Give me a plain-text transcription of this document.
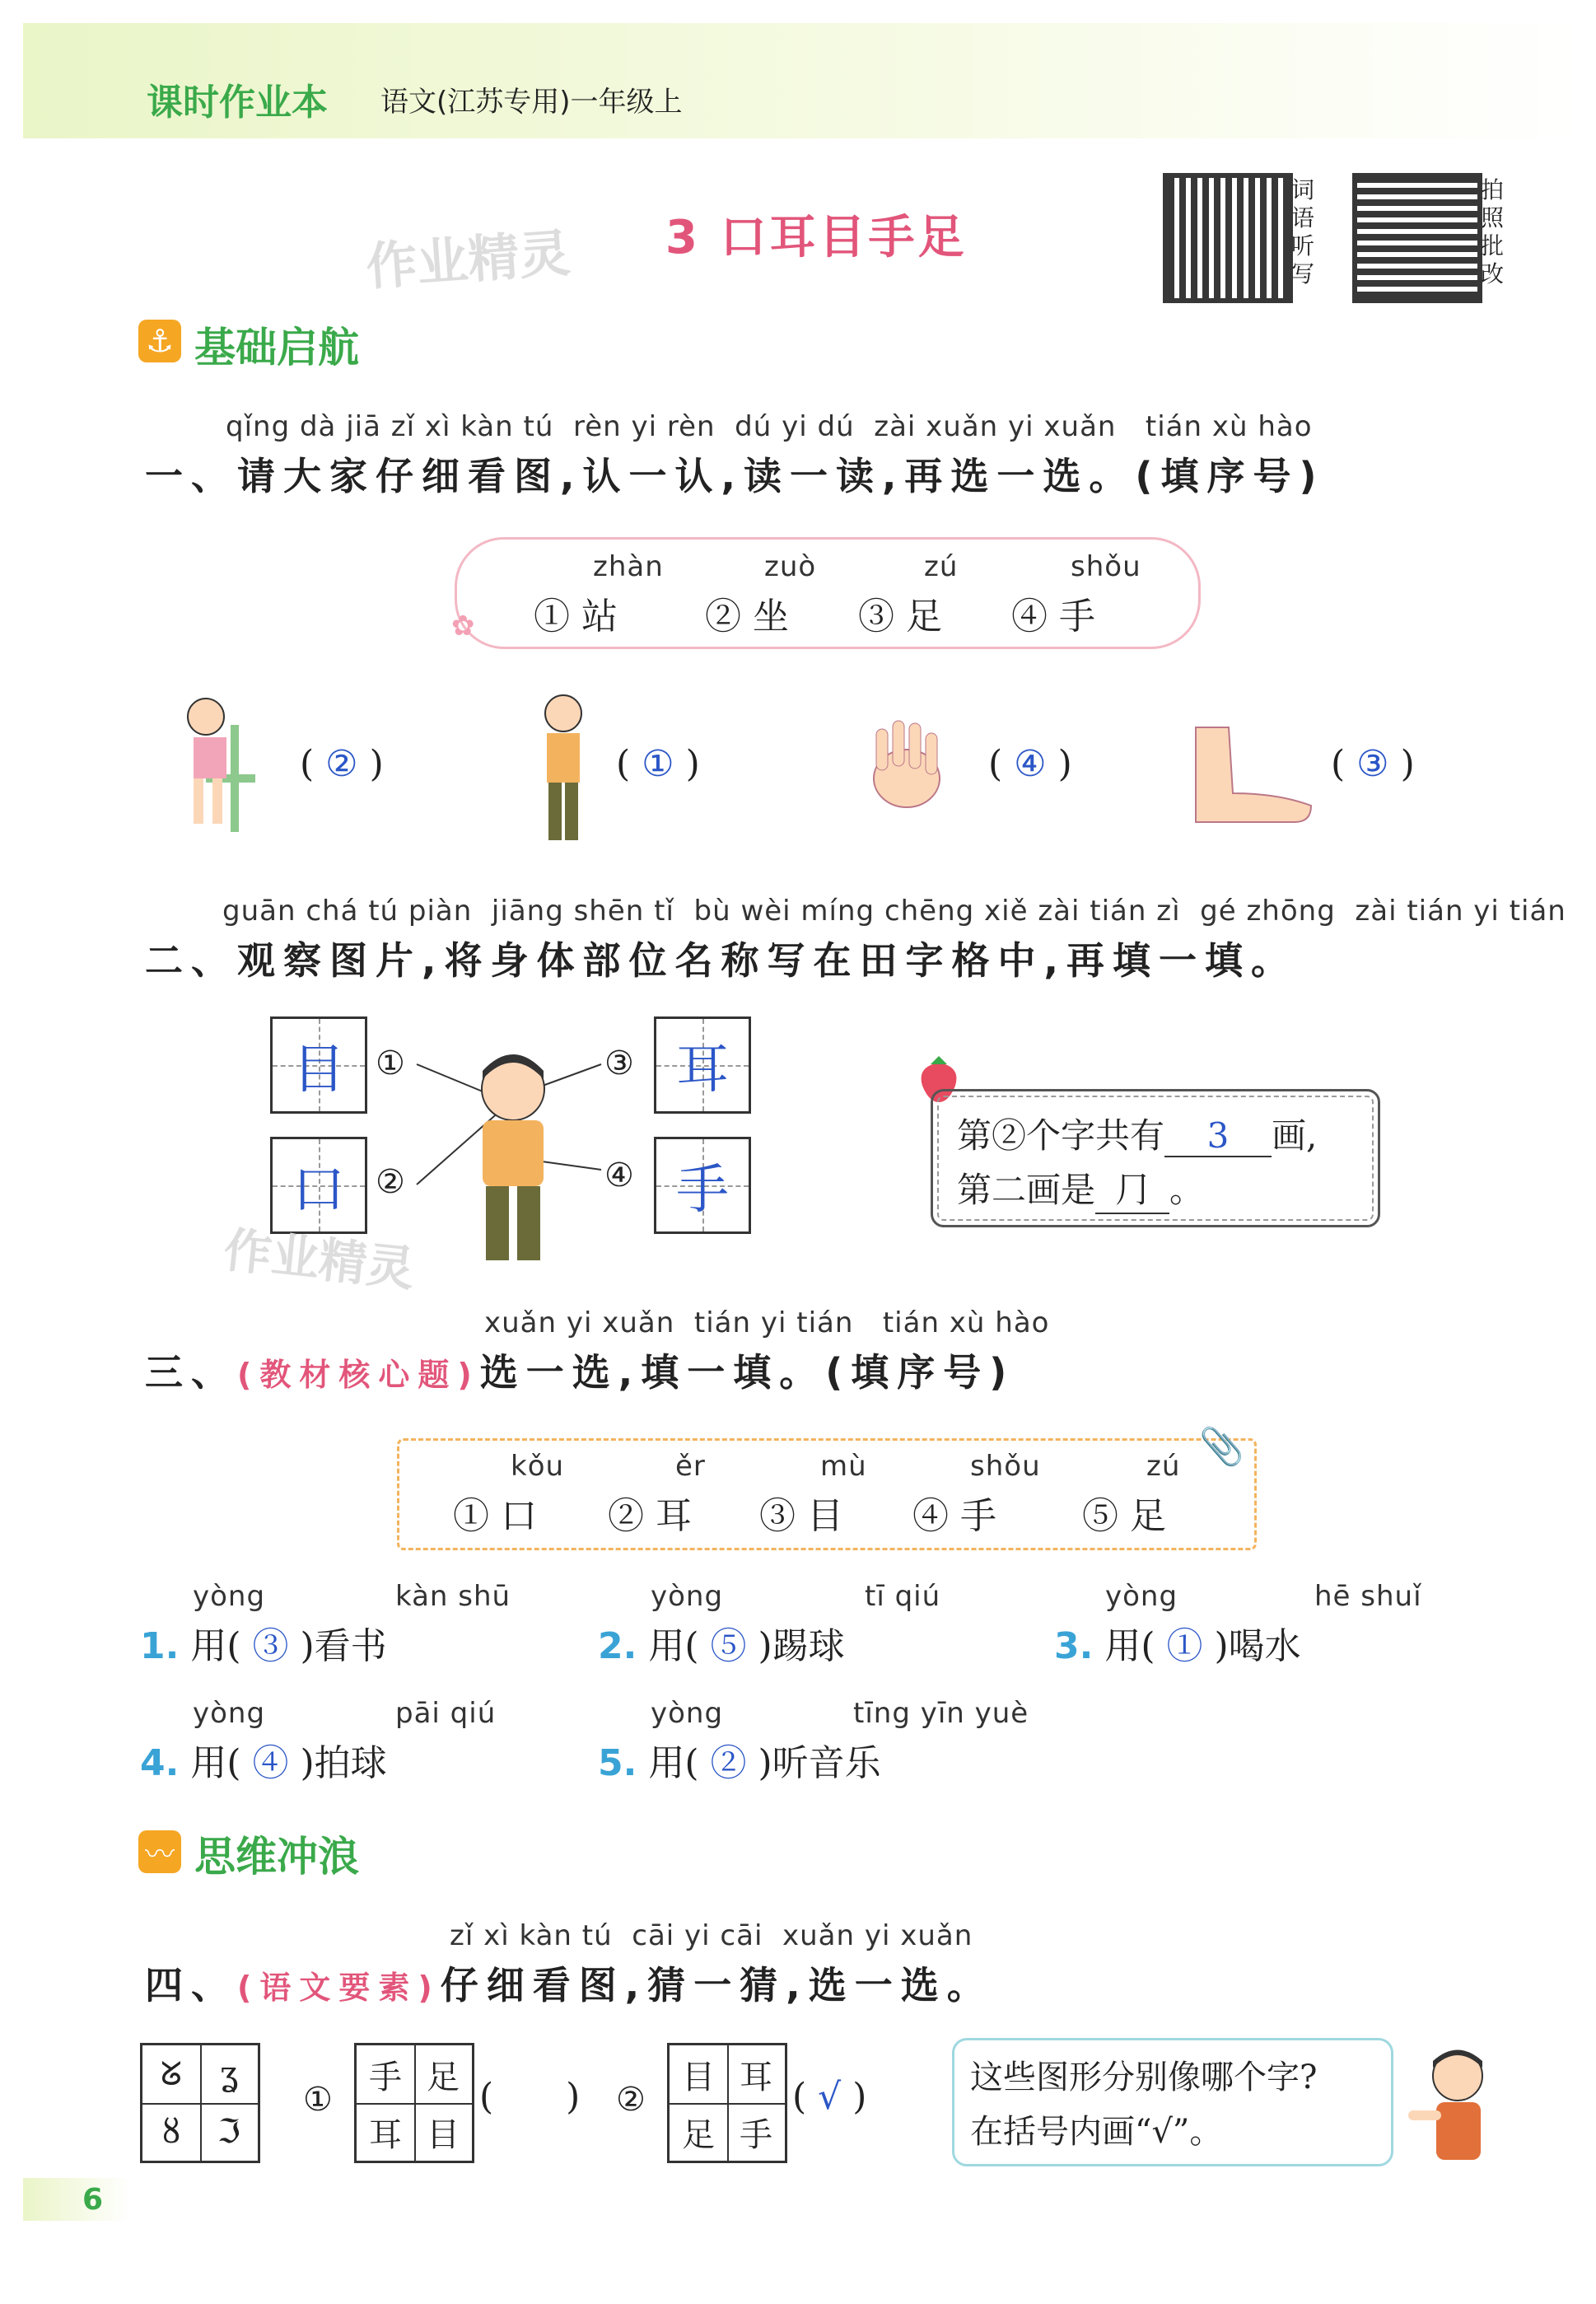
课时作业本 语文(江苏专用)一年级上
作业精灵 3 口耳目手足
词
语
听
写
拍
照
批
改
⚓ 基础启航
qǐng dà jiā zǐ xì kàn tú  rèn yi rèn  dú yi dú  zài xuǎn yi xuǎn   tián xù hào
一、请大家仔细看图,认一认,读一读,再选一选。(填序号)
✿
zhàn
① 站
zuò
② 坐
zú
③ 足
shǒu
④ 手
( ② )	( ① )	( ④ )	( ③ )
guān chá tú piàn  jiāng shēn tǐ  bù wèi míng chēng xiě zài tián zì  gé zhōng  zài tián yi tián
二、观察图片,将身体部位名称写在田字格中,再填一填。
目 ①
口 ②
耳
③
手
④
作业精灵
第②个字共有 3 画,
第二画是 ⺆ 。
xuǎn yi xuǎn  tián yi tián   tián xù hào
三、(教材核心题)选一选,填一填。(填序号)
📎
kǒu
① 口
ěr
② 耳
mù
③ 目
shǒu
④ 手
zú
⑤ 足
yòng	kàn shū
1. 用( ③ )看书
yòng	tī qiú
2. 用( ⑤ )踢球
yòng	hē shuǐ
3. 用( ① )喝水
yòng	pāi qiú
4. 用( ④ )拍球
yòng	tīng yīn yuè
5. 用( ② )听音乐
〰 思维冲浪
zǐ xì kàn tú  cāi yi cāi  xuǎn yi xuǎn
四、(语文要素)仔细看图,猜一猜,选一选。
ᘜ	ʓ
ȣ	ℑ
①
手 足
耳 目
(  ) ②
目 耳
足 手
( √ )	这些图形分别像哪个字?
在括号内画“√”。
6
